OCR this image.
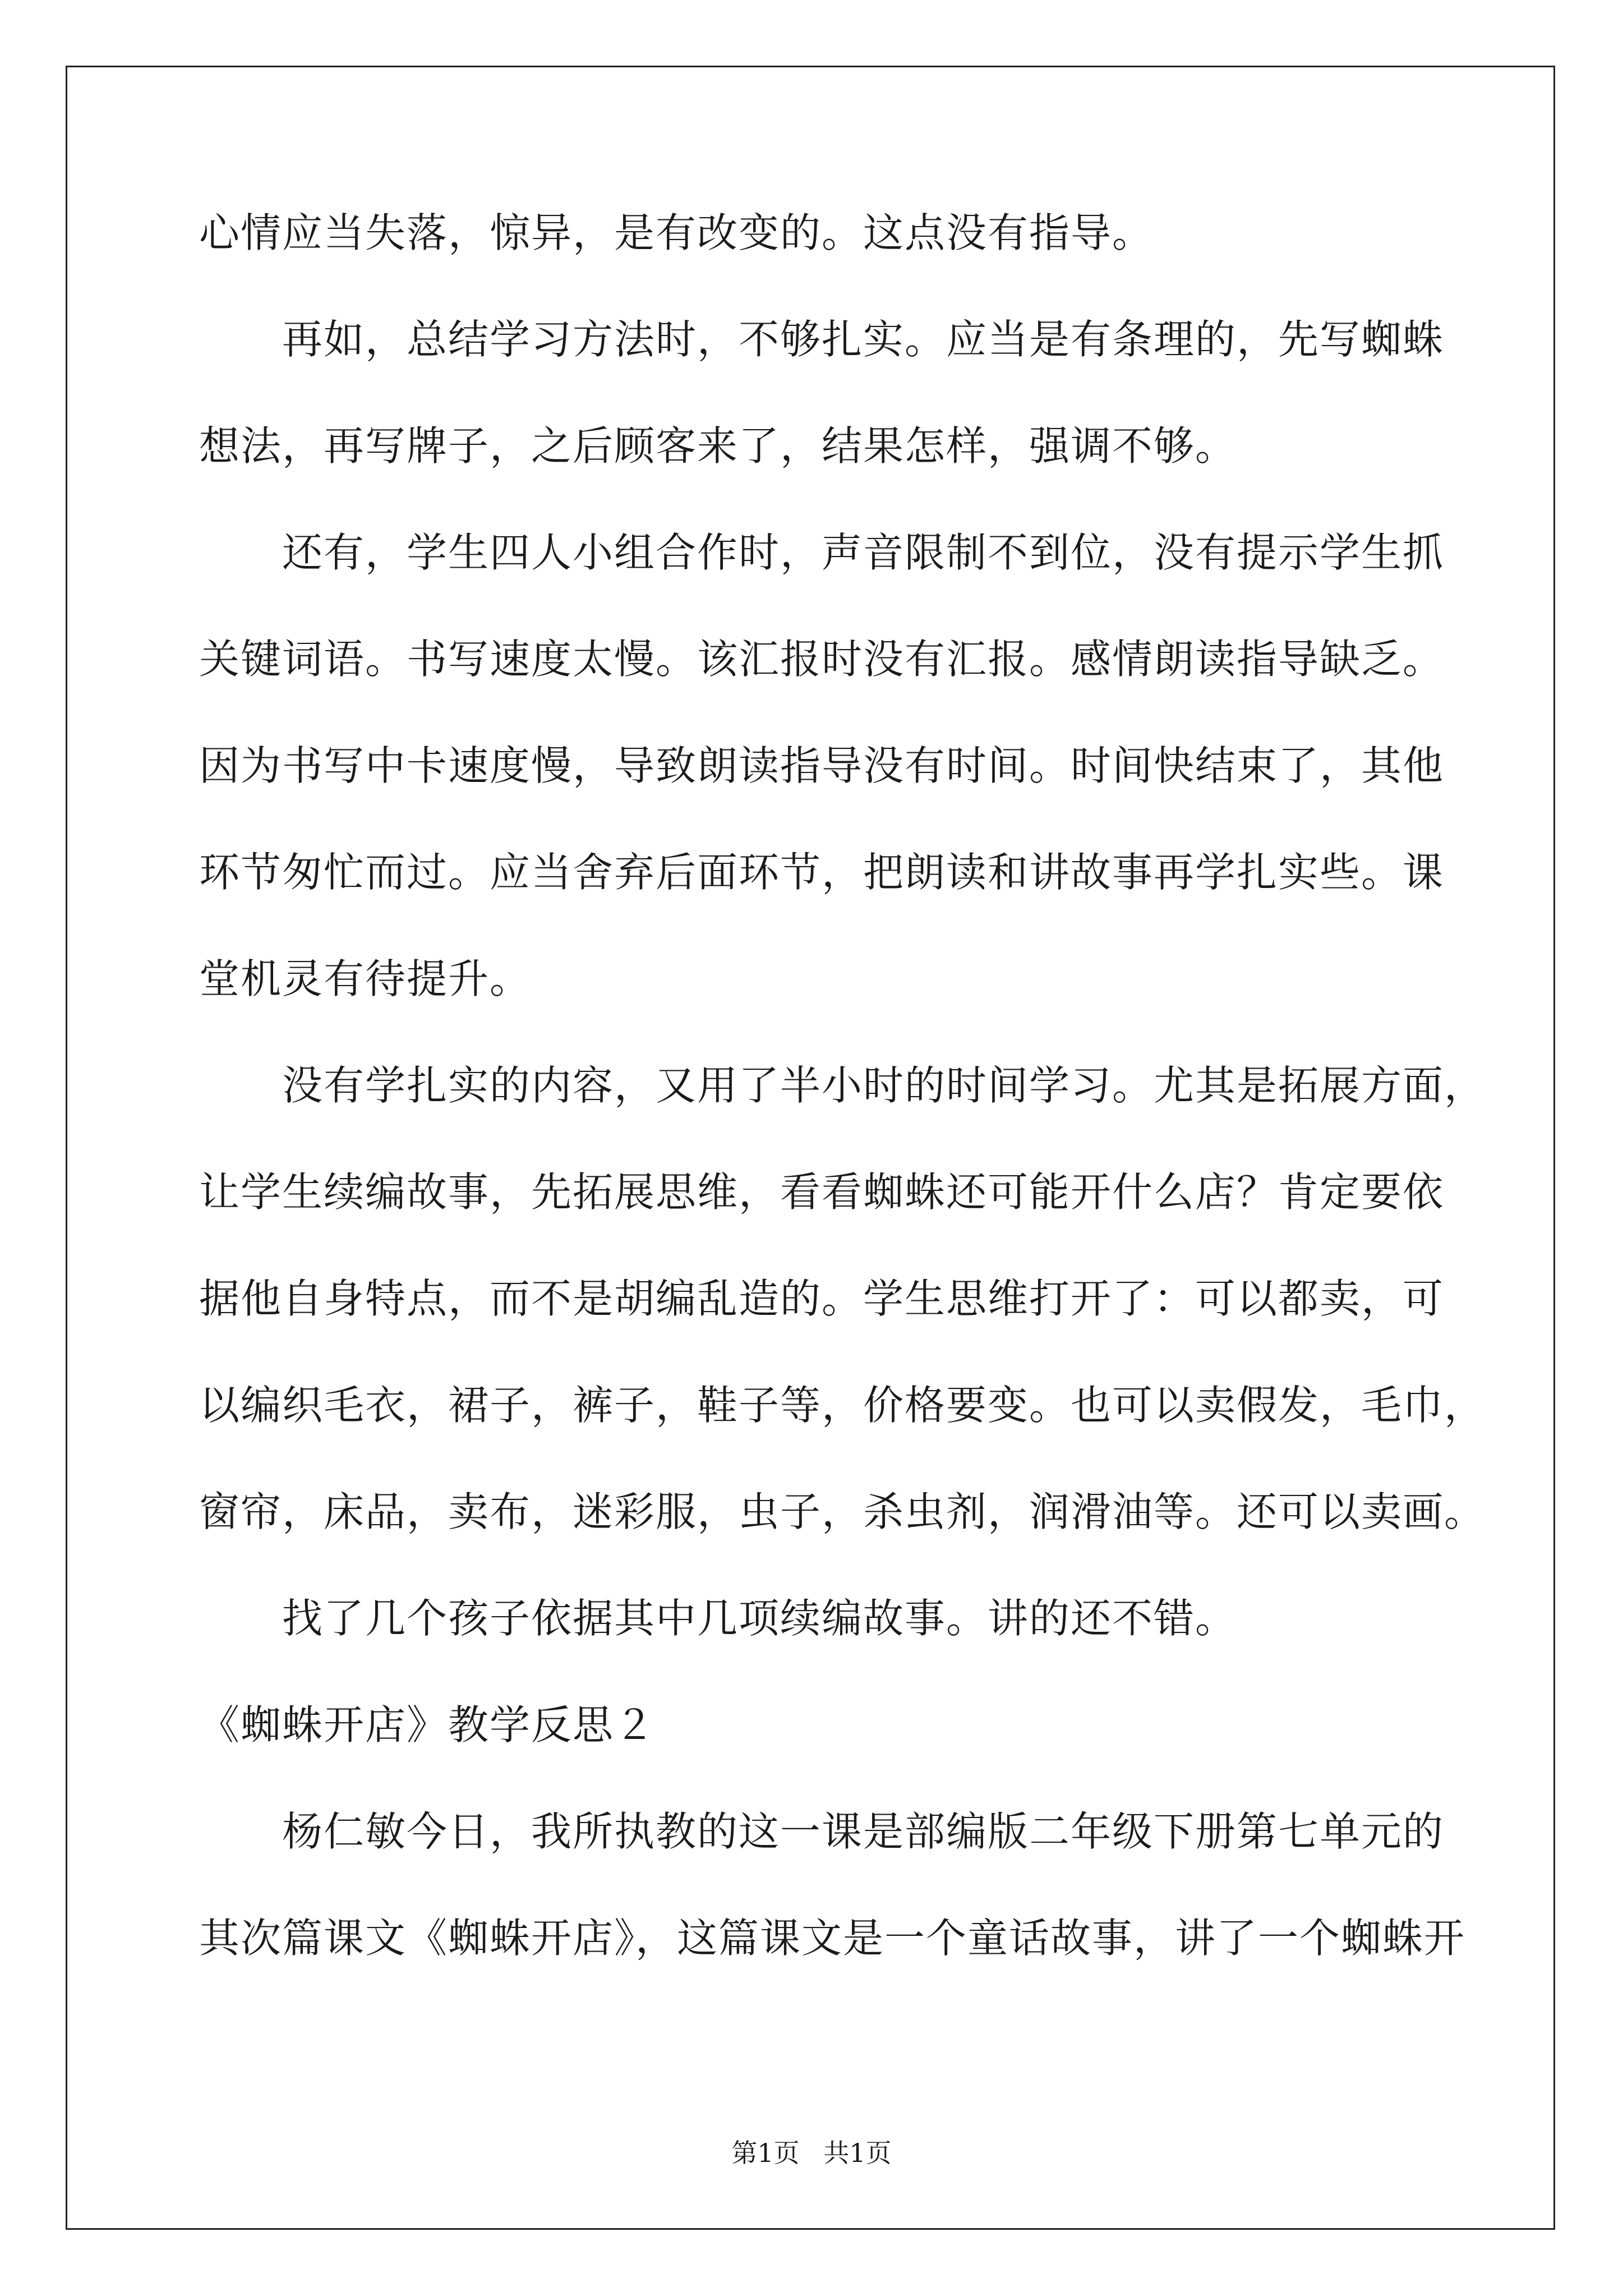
心情应当失落，惊异，是有改变的。这点没有指导。
再如，总结学习方法时，不够扎实。应当是有条理的，先写蜘蛛
想法，再写牌子，之后顾客来了，结果怎样，强调不够。
还有，学生四人小组合作时，声音限制不到位，没有提示学生抓
关键词语。书写速度太慢。该汇报时没有汇报。感情朗读指导缺乏。
因为书写中卡速度慢，导致朗读指导没有时间。时间快结束了，其他
环节匆忙而过。应当舍弃后面环节，把朗读和讲故事再学扎实些。课
堂机灵有待提升。
没有学扎实的内容，又用了半小时的时间学习。尤其是拓展方面，
让学生续编故事，先拓展思维，看看蜘蛛还可能开什么店？肯定要依
据他自身特点，而不是胡编乱造的。学生思维打开了：可以都卖，可
以编织毛衣，裙子，裤子，鞋子等，价格要变。也可以卖假发，毛巾，
窗帘，床品，卖布，迷彩服，虫子，杀虫剂，润滑油等。还可以卖画。
找了几个孩子依据其中几项续编故事。讲的还不错。
《蜘蛛开店》教学反思２
杨仁敏今日，我所执教的这一课是部编版二年级下册第七单元的
其次篇课文《蜘蛛开店》，这篇课文是一个童话故事，讲了一个蜘蛛开
第1页 共1页
